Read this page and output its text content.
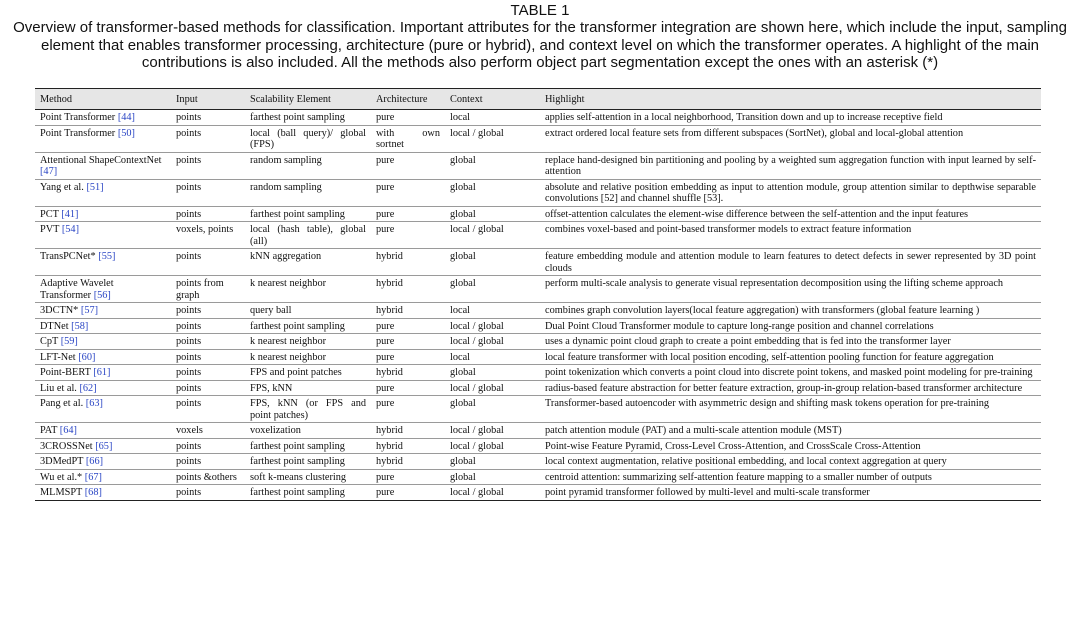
TABLE 1
Overview of transformer-based methods for classification. Important attributes for the transformer integration are shown here, which include the input, sampling element that enables transformer processing, architecture (pure or hybrid), and context level on which the transformer operates. A highlight of the main contributions is also included. All the methods also perform object part segmentation except the ones with an asterisk (*)
Method	Input	Scalability Element	Architecture	Context	Highlight
Point Transformer [44]	points	farthest point sampling	pure	local	applies self-attention in a local neighborhood, Transition down and up to increase receptive field
Point Transformer [50]	points	local (ball query)/ global (FPS)	with own sortnet	local / global	extract ordered local feature sets from different subspaces (SortNet), global and local-global attention
Attentional ShapeContextNet [47]	points	random sampling	pure	global	replace hand-designed bin partitioning and pooling by a weighted sum aggregation function with input learned by self-attention
Yang et al. [51]	points	random sampling	pure	global	absolute and relative position embedding as input to attention module, group attention similar to depthwise separable convolutions [52] and channel shuffle [53].
PCT [41]	points	farthest point sampling	pure	global	offset-attention calculates the element-wise difference between the self-attention and the input features
PVT [54]	voxels, points	local (hash table), global (all)	pure	local / global	combines voxel-based and point-based transformer models to extract feature information
TransPCNet* [55]	points	kNN aggregation	hybrid	global	feature embedding module and attention module to learn features to detect defects in sewer represented by 3D point clouds
Adaptive Wavelet Transformer [56]	points from graph	k nearest neighbor	hybrid	global	perform multi-scale analysis to generate visual representation decomposition using the lifting scheme approach
3DCTN* [57]	points	query ball	hybrid	local	combines graph convolution layers(local feature aggregation) with transformers (global feature learning )
DTNet [58]	points	farthest point sampling	pure	local / global	Dual Point Cloud Transformer module to capture long-range position and channel correlations
CpT [59]	points	k nearest neighbor	pure	local / global	uses a dynamic point cloud graph to create a point embedding that is fed into the transformer layer
LFT-Net [60]	points	k nearest neighbor	pure	local	local feature transformer with local position encoding, self-attention pooling function for feature aggregation
Point-BERT [61]	points	FPS and point patches	hybrid	global	point tokenization which converts a point cloud into discrete point tokens, and masked point modeling for pre-training
Liu et al. [62]	points	FPS, kNN	pure	local / global	radius-based feature abstraction for better feature extraction, group-in-group relation-based transformer architecture
Pang et al. [63]	points	FPS, kNN (or FPS and point patches)	pure	global	Transformer-based autoencoder with asymmetric design and shifting mask tokens operation for pre-training
PAT [64]	voxels	voxelization	hybrid	local / global	patch attention module (PAT) and a multi-scale attention module (MST)
3CROSSNet [65]	points	farthest point sampling	hybrid	local / global	Point-wise Feature Pyramid, Cross-Level Cross-Attention, and CrossScale Cross-Attention
3DMedPT [66]	points	farthest point sampling	hybrid	global	local context augmentation, relative positional embedding, and local context aggregation at query
Wu et al.* [67]	points &others	soft k-means clustering	pure	global	centroid attention: summarizing self-attention feature mapping to a smaller number of outputs
MLMSPT [68]	points	farthest point sampling	pure	local / global	point pyramid transformer followed by multi-level and multi-scale transformer
